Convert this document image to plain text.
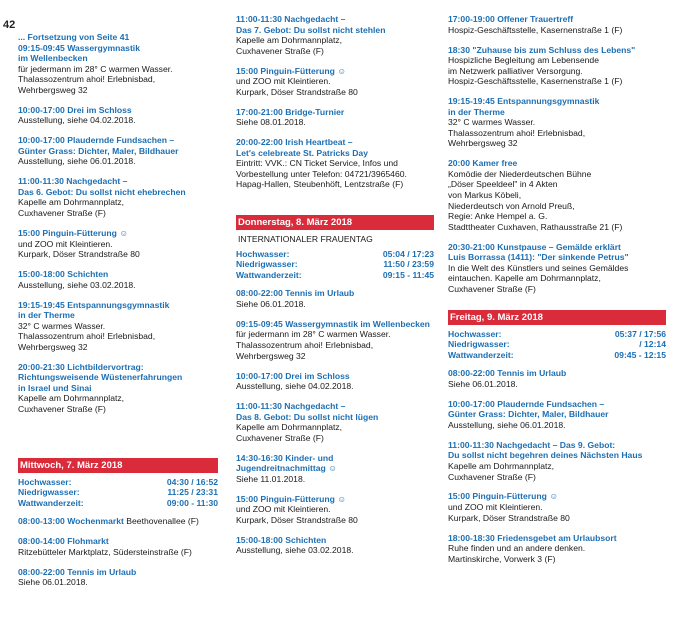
42
... Fortsetzung von Seite 41
09:15-09:45 Wassergymnastik
im Wellenbecken
für jedermann im 28° C warmen Wasser.
Thalassozentrum ahoi! Erlebnisbad,
Wehrbergsweg 32
10:00-17:00 Drei im Schloss
Ausstellung, siehe 04.02.2018.
10:00-17:00 Plaudernde Fundsachen –
Günter Grass: Dichter, Maler, Bildhauer
Ausstellung, siehe 06.01.2018.
11:00-11:30 Nachgedacht –
Das 6. Gebot: Du sollst nicht ehebrechen
Kapelle am Dohrmannplatz,
Cuxhavener Straße (F)
15:00 Pinguin-Fütterung ☺
und ZOO mit Kleintieren.
Kurpark, Döser Strandstraße 80
15:00-18:00 Schichten
Ausstellung, siehe 03.02.2018.
19:15-19:45 Entspannungsgymnastik
in der Therme
32° C warmes Wasser.
Thalassozentrum ahoi! Erlebnisbad,
Wehrbergsweg 32
20:00-21:30 Lichtbildervortrag:
Richtungsweisende Wüstenerfahrungen
in Israel und Sinai
Kapelle am Dohrmannplatz,
Cuxhavener Straße (F)
Mittwoch, 7. März 2018
Hochwasser:	04:30 / 16:52
Niedrigwasser:	11:25 / 23:31
Wattwanderzeit:	09:00 - 11:30
08:00-13:00 Wochenmarkt Beethovenallee (F)
08:00-14:00 Flohmarkt
Ritzebütteler Marktplatz, Südersteinstraße (F)
08:00-22:00 Tennis im Urlaub
Siehe 06.01.2018.
11:00-11:30 Nachgedacht –
Das 7. Gebot: Du sollst nicht stehlen
Kapelle am Dohrmannplatz,
Cuxhavener Straße (F)
15:00 Pinguin-Fütterung ☺
und ZOO mit Kleintieren.
Kurpark, Döser Strandstraße 80
17:00-21:00 Bridge-Turnier
Siehe 08.01.2018.
20:00-22:00 Irish Heartbeat –
Let's celebreate St. Patricks Day
Eintritt: VVK.: CN Ticket Service, Infos und
Vorbestellung unter Telefon: 04721/3965460.
Hapag-Hallen, Steubenhöft, Lentzstraße (F)
Donnerstag, 8. März 2018
INTERNATIONALER FRAUENTAG
Hochwasser:	05:04 / 17:23
Niedrigwasser:	11:50 / 23:59
Wattwanderzeit:	09:15 - 11:45
08:00-22:00 Tennis im Urlaub
Siehe 06.01.2018.
09:15-09:45 Wassergymnastik im Wellenbecken
für jedermann im 28° C warmen Wasser.
Thalassozentrum ahoi! Erlebnisbad,
Wehrbergsweg 32
10:00-17:00 Drei im Schloss
Ausstellung, siehe 04.02.2018.
11:00-11:30 Nachgedacht –
Das 8. Gebot: Du sollst nicht lügen
Kapelle am Dohrmannplatz,
Cuxhavener Straße (F)
14:30-16:30 Kinder- und
Jugendreitnachmittag ☺
Siehe 11.01.2018.
15:00 Pinguin-Fütterung ☺
und ZOO mit Kleintieren.
Kurpark, Döser Strandstraße 80
15:00-18:00 Schichten
Ausstellung, siehe 03.02.2018.
17:00-19:00 Offener Trauertreff
Hospiz-Geschäftsstelle, Kasernenstraße 1 (F)
18:30 "Zuhause bis zum Schluss des Lebens"
Hospizliche Begleitung am Lebensende
im Netzwerk palliativer Versorgung.
Hospiz-Geschäftsstelle, Kasernenstraße 1 (F)
19:15-19:45 Entspannungsgymnastik
in der Therme
32° C warmes Wasser.
Thalassozentrum ahoi! Erlebnisbad,
Wehrbergsweg 32
20:00 Kamer free
Komödie der Niederdeutschen Bühne
„Döser Speeldeel" in 4 Akten
von Markus Köbeli,
Niederdeutsch von Arnold Preuß,
Regie: Anke Hempel a. G.
Stadttheater Cuxhaven, Rathausstraße 21 (F)
20:30-21:00 Kunstpause – Gemälde erklärt
Luis Borrassa (1411): "Der sinkende Petrus"
In die Welt des Künstlers und seines Gemäldes
eintauchen. Kapelle am Dohrmannplatz,
Cuxhavener Straße (F)
Freitag, 9. März 2018
Hochwasser:	05:37 / 17:56
Niedrigwasser:	/ 12:14
Wattwanderzeit:	09:45 - 12:15
08:00-22:00 Tennis im Urlaub
Siehe 06.01.2018.
10:00-17:00 Plaudernde Fundsachen –
Günter Grass: Dichter, Maler, Bildhauer
Ausstellung, siehe 06.01.2018.
11:00-11:30 Nachgedacht – Das 9. Gebot:
Du sollst nicht begehren deines Nächsten Haus
Kapelle am Dohrmannplatz,
Cuxhavener Straße (F)
15:00 Pinguin-Fütterung ☺
und ZOO mit Kleintieren.
Kurpark, Döser Strandstraße 80
18:00-18:30 Friedensgebet am Urlaubsort
Ruhe finden und an andere denken.
Martinskirche, Vorwerk 3 (F)
